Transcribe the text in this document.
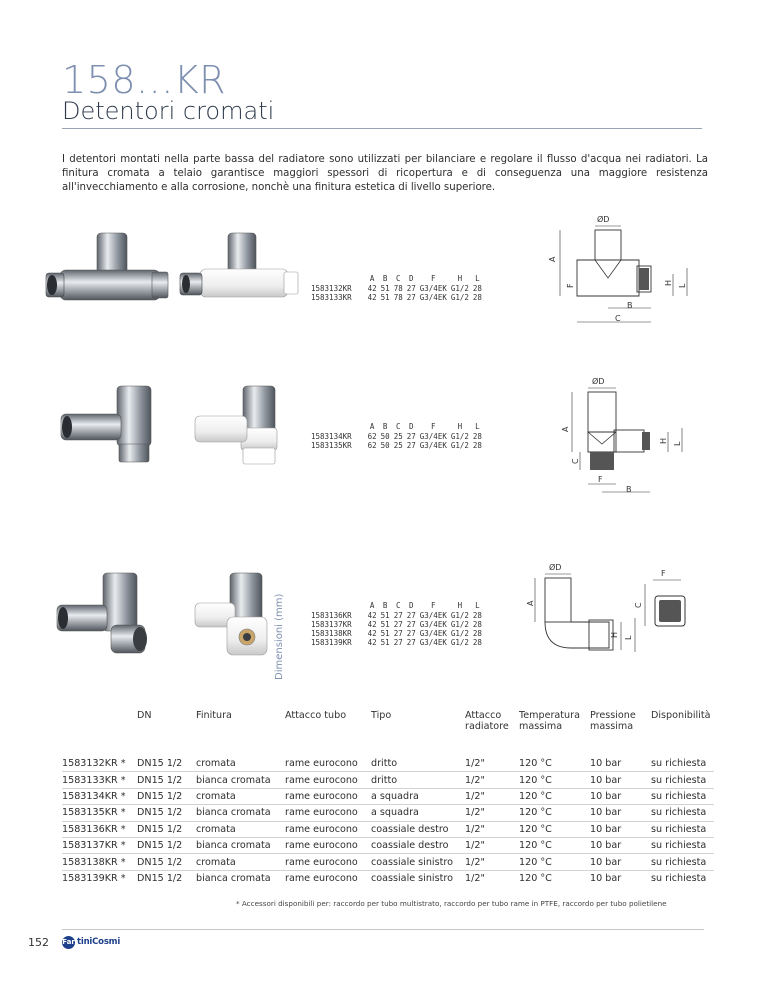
158...KR
Detentori cromati
I detentori montati nella parte bassa del radiatore sono utilizzati per bilanciare e regolare il flusso d'acqua nei radiatori. La finitura cromata a telaio garantisce maggiori spessori di ricopertura e di conseguenza una maggiore resistenza all'invecchiamento e alla corrosione, nonchè una finitura estetica di livello superiore.
Dimensioni (mm)
	A	B	C	D	F	H	L
1583132KR	42	51	78	27	G3/4EK	G1/2	28
1583133KR	42	51	78	27	G3/4EK	G1/2	28
	A	B	C	D	F	H	L
1583134KR	62	50	25	27	G3/4EK	G1/2	28
1583135KR	62	50	25	27	G3/4EK	G1/2	28
	A	B	C	D	F	H	L
1583136KR	42	51	27	27	G3/4EK	G1/2	28
1583137KR	42	51	27	27	G3/4EK	G1/2	28
1583138KR	42	51	27	27	G3/4EK	G1/2	28
1583139KR	42	51	27	27	G3/4EK	G1/2	28
ØD
A
F	H L
B
C
ØD
A
C
H L
F
B
ØD
A
F
C
H L
	DN	Finitura	Attacco tubo	Tipo	Attacco radiatore	Temperatura massima	Pressione massima	Disponibilità
1583132KR *	DN15 1/2	cromata	rame eurocono	dritto	1/2"	120 °C	10 bar	su richiesta
1583133KR *	DN15 1/2	bianca cromata	rame eurocono	dritto	1/2"	120 °C	10 bar	su richiesta
1583134KR *	DN15 1/2	cromata	rame eurocono	a squadra	1/2"	120 °C	10 bar	su richiesta
1583135KR *	DN15 1/2	bianca cromata	rame eurocono	a squadra	1/2"	120 °C	10 bar	su richiesta
1583136KR *	DN15 1/2	cromata	rame eurocono	coassiale destro	1/2"	120 °C	10 bar	su richiesta
1583137KR *	DN15 1/2	bianca cromata	rame eurocono	coassiale destro	1/2"	120 °C	10 bar	su richiesta
1583138KR *	DN15 1/2	cromata	rame eurocono	coassiale sinistro	1/2"	120 °C	10 bar	su richiesta
1583139KR *	DN15 1/2	bianca cromata	rame eurocono	coassiale sinistro	1/2"	120 °C	10 bar	su richiesta
* Accessori disponibili per: raccordo per tubo multistrato, raccordo per tubo rame in PTFE, raccordo per tubo polietilene
152 Far tiniCosmi
